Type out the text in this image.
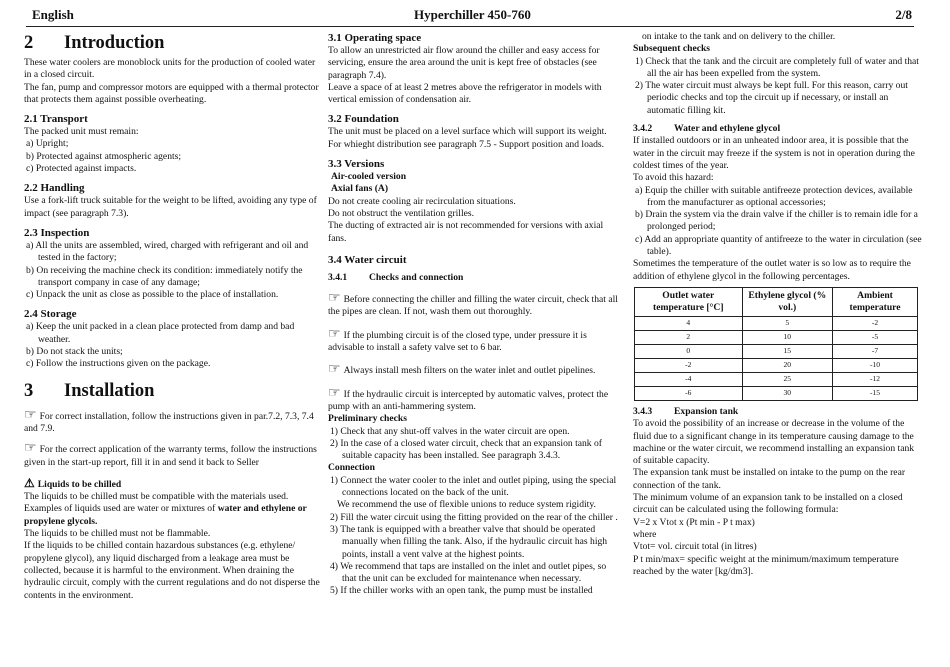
English	Hyperchiller 450-760	2/8
2 Introduction

These water coolers are monoblock units for the production of cooled water in a closed circuit.

The fan, pump and compressor motors are equipped with a thermal protector that protects them against possible overheating.

2.1 Transport

The packed unit must remain:

a) Upright;

b) Protected against atmospheric agents;

c) Protected against impacts.

2.2 Handling

Use a fork-lift truck suitable for the weight to be lifted, avoiding any type of impact (see paragraph 7.3).

2.3 Inspection

a) All the units are assembled, wired, charged with refrigerant and oil and tested in the factory;

b) On receiving the machine check its condition: immediately notify the transport company in case of any damage;

c) Unpack the unit as close as possible to the place of installation.

2.4 Storage

a) Keep the unit packed in a clean place protected from damp and bad weather.

b) Do not stack the units;

c) Follow the instructions given on the package.

3 Installation

☞ For correct installation, follow the instructions given in par.7.2, 7.3, 7.4 and 7.9.

☞ For the correct application of the warranty terms, follow the instructions given in the start-up report, fill it in and send it back to Seller

⚠ Liquids to be chilled

The liquids to be chilled must be compatible with the materials used. Examples of liquids used are water or mixtures of water and ethylene or propylene glycols.

The liquids to be chilled must not be flammable.

If the liquids to be chilled contain hazardous substances (e.g. ethylene/ propylene glycol), any liquid discharged from a leakage area must be collected, because it is harmful to the environment. When draining the hydraulic circuit, comply with the current regulations and do not disperse the contents in the environment.

3.1 Operating space

To allow an unrestricted air flow around the chiller and easy access for servicing, ensure the area around the unit is kept free of obstacles (see paragraph 7.4).

Leave a space of at least 2 metres above the refrigerator in models with vertical emission of condensation air.

3.2 Foundation

The unit must be placed on a level surface which will support its weight.

For whieght distribution see paragraph 7.5 - Support position and loads.

3.3 Versions

Air-cooled version

Axial fans (A)

Do not create cooling air recirculation situations.

Do not obstruct the ventilation grilles.

The ducting of extracted air is not recommended for versions with axial fans.

3.4 Water circuit
3.4.1 Checks and connection

☞ Before connecting the chiller and filling the water circuit, check that all the pipes are clean. If not, wash them out thoroughly.

☞ If the plumbing circuit is of the closed type, under pressure it is advisable to install a safety valve set to 6 bar.

☞ Always install mesh filters on the water inlet and outlet pipelines.

☞ If the hydraulic circuit is intercepted by automatic valves, protect the pump with an anti-hammering system.

Preliminary checks

1) Check that any shut-off valves in the water circuit are open.

2) In the case of a closed water circuit, check that an expansion tank of suitable capacity has been installed. See paragraph 3.4.3.

Connection

1) Connect the water cooler to the inlet and outlet piping, using the special connections located on the back of the unit.

We recommend the use of flexible unions to reduce system rigidity.

2) Fill the water circuit using the fitting provided on the rear of the chiller .

3) The tank is equipped with a breather valve that should be operated manually when filling the tank. Also, if the hydraulic circuit has high points, install a vent valve at the highest points.

4) We recommend that taps are installed on the inlet and outlet pipes, so that the unit can be excluded for maintenance when necessary.

5) If the chiller works with an open tank, the pump must be installed

on intake to the tank and on delivery to the chiller.

Subsequent checks

1) Check that the tank and the circuit are completely full of water and that all the air has been expelled from the system.

2) The water circuit must always be kept full. For this reason, carry out periodic checks and top the circuit up if necessary, or install an automatic filling kit.

3.4.2 Water and ethylene glycol

If installed outdoors or in an unheated indoor area, it is possible that the water in the circuit may freeze if the system is not in operation during the coldest times of the year.

To avoid this hazard:

a) Equip the chiller with suitable antifreeze protection devices, available from the manufacturer as optional accessories;

b) Drain the system via the drain valve if the chiller is to remain idle for a prolonged period;

c) Add an appropriate quantity of antifreeze to the water in circulation (see table).

Sometimes the temperature of the outlet water is so low as to require the addition of ethylene glycol in the following percentages.

Outlet water temperature [°C]	Ethylene glycol (% vol.)	Ambient temperature
4	5	-2
2	10	-5
0	15	-7
-2	20	-10
-4	25	-12
-6	30	-15
3.4.3 Expansion tank

To avoid the possibility of an increase or decrease in the volume of the fluid due to a significant change in its temperature causing damage to the machine or the water circuit, we recommend installing an expansion tank of suitable capacity.

The expansion tank must be installed on intake to the pump on the rear connection of the tank.

The minimum volume of an expansion tank to be installed on a closed circuit can be calculated using the following formula:

V=2 x Vtot x (Pt min - P t max)

where

Vtot= vol. circuit total (in litres)

P t min/max= specific weight at the minimum/maximum temperature reached by the water [kg/dm3].
